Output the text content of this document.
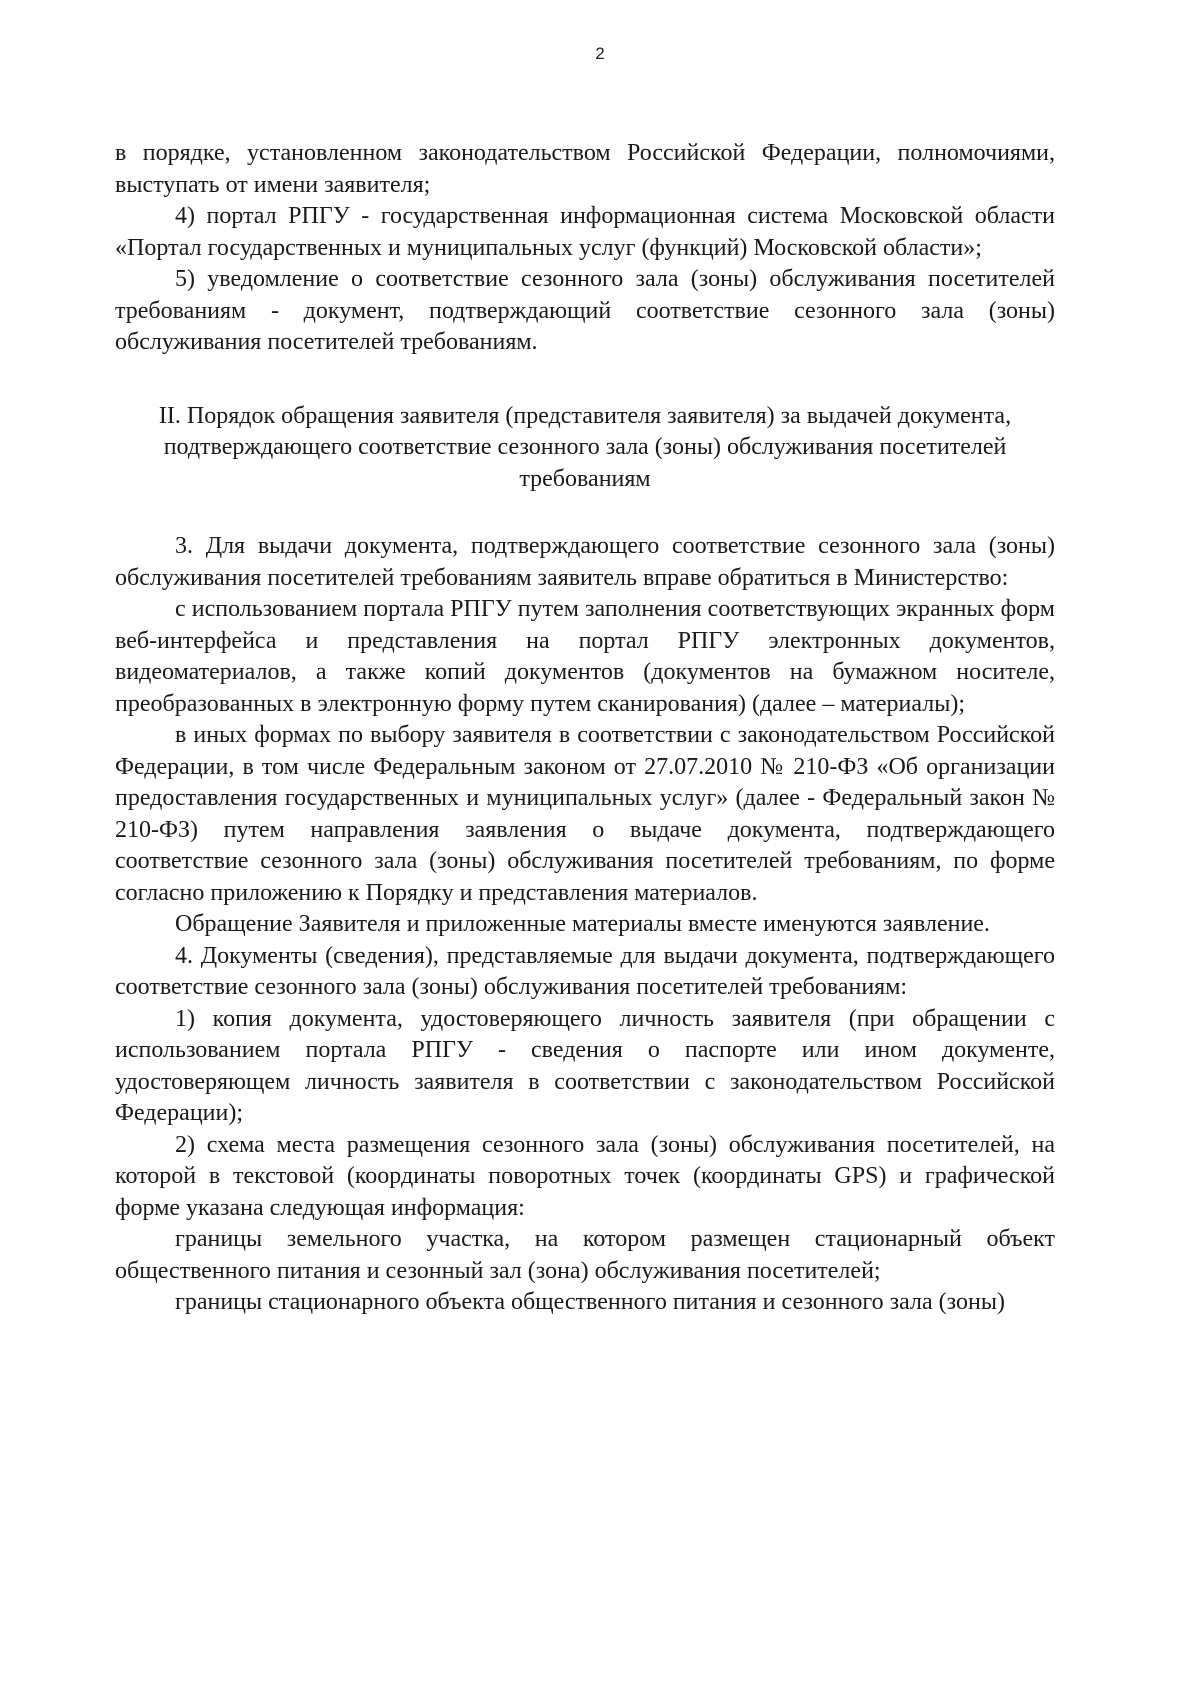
2

в порядке, установленном законодательством Российской Федерации, полномочиями, выступать от имени заявителя;

4) портал РПГУ - государственная информационная система Московской области «Портал государственных и муниципальных услуг (функций) Московской области»;

5) уведомление о соответствие сезонного зала (зоны) обслуживания посетителей требованиям - документ, подтверждающий соответствие сезонного зала (зоны) обслуживания посетителей требованиям.

II. Порядок обращения заявителя (представителя заявителя) за выдачей документа, подтверждающего соответствие сезонного зала (зоны) обслуживания посетителей требованиям

3. Для выдачи документа, подтверждающего соответствие сезонного зала (зоны) обслуживания посетителей требованиям заявитель вправе обратиться в Министерство:

с использованием портала РПГУ путем заполнения соответствующих экранных форм веб-интерфейса и представления на портал РПГУ электронных документов, видеоматериалов, а также копий документов (документов на бумажном носителе, преобразованных в электронную форму путем сканирования) (далее – материалы);

в иных формах по выбору заявителя в соответствии с законодательством Российской Федерации, в том числе Федеральным законом от 27.07.2010 № 210-ФЗ «Об организации предоставления государственных и муниципальных услуг» (далее - Федеральный закон № 210-ФЗ) путем направления заявления о выдаче документа, подтверждающего соответствие сезонного зала (зоны) обслуживания посетителей требованиям, по форме согласно приложению к Порядку и представления материалов.

Обращение Заявителя и приложенные материалы вместе именуются заявление.

4. Документы (сведения), представляемые для выдачи документа, подтверждающего соответствие сезонного зала (зоны) обслуживания посетителей требованиям:

1) копия документа, удостоверяющего личность заявителя (при обращении с использованием портала РПГУ - сведения о паспорте или ином документе, удостоверяющем личность заявителя в соответствии с законодательством Российской Федерации);

2) схема места размещения сезонного зала (зоны) обслуживания посетителей, на которой в текстовой (координаты поворотных точек (координаты GPS) и графической форме указана следующая информация:

границы земельного участка, на котором размещен стационарный объект общественного питания и сезонный зал (зона) обслуживания посетителей;

границы стационарного объекта общественного питания и сезонного зала (зоны)
